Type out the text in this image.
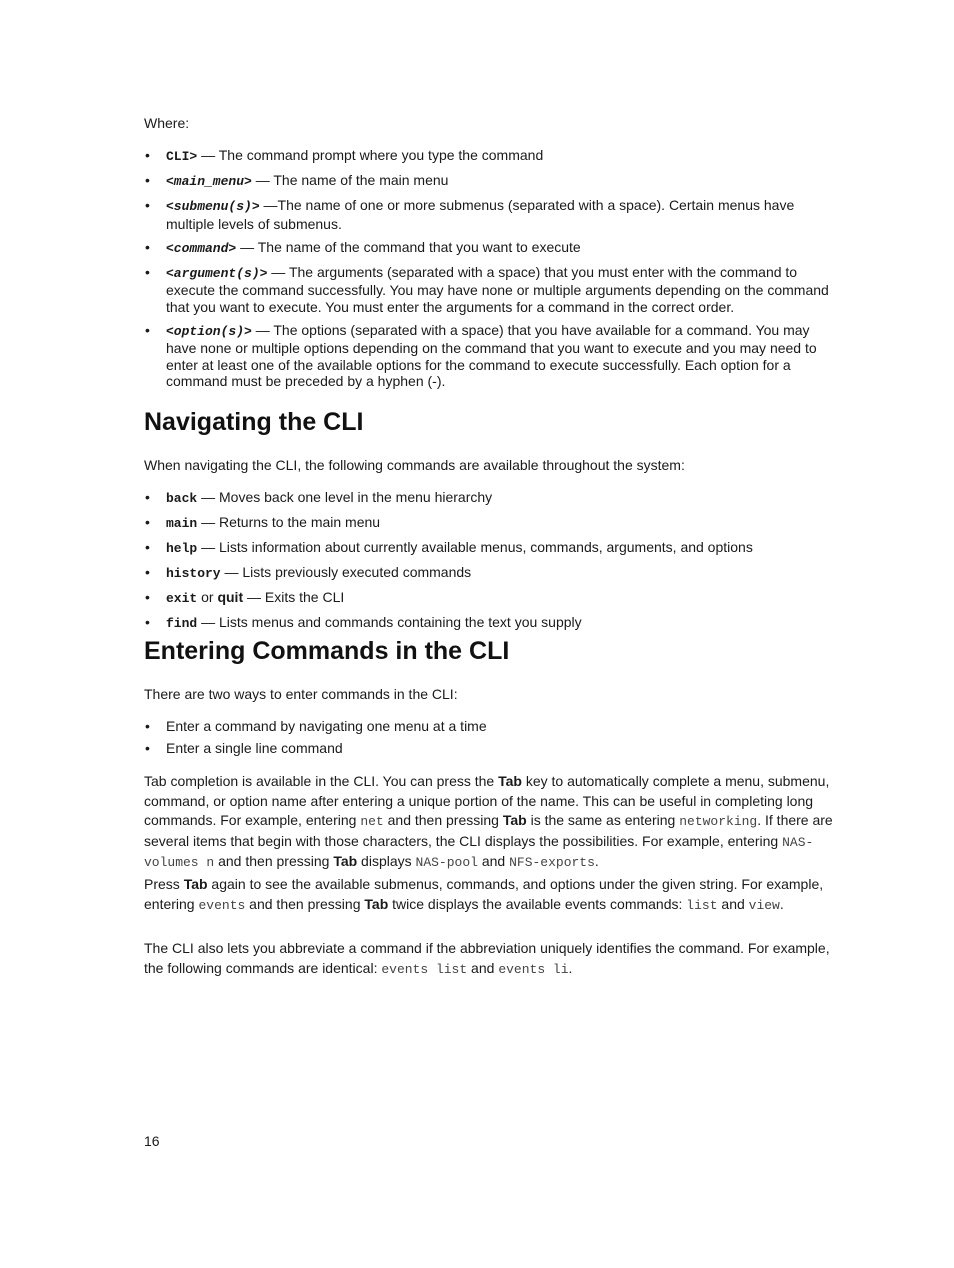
Where:

• CLI> — The command prompt where you type the command
• <main_menu> — The name of the main menu
• <submenu(s)> —The name of one or more submenus (separated with a space). Certain menus have multiple levels of submenus.
• <command> — The name of the command that you want to execute
• <argument(s)> — The arguments (separated with a space) that you must enter with the command to execute the command successfully. You may have none or multiple arguments depending on the command that you want to execute. You must enter the arguments for a command in the correct order.
• <option(s)> — The options (separated with a space) that you have available for a command. You may have none or multiple options depending on the command that you want to execute and you may need to enter at least one of the available options for the command to execute successfully. Each option for a command must be preceded by a hyphen (-).
Navigating the CLI

When navigating the CLI, the following commands are available throughout the system:

• back — Moves back one level in the menu hierarchy
• main — Returns to the main menu
• help — Lists information about currently available menus, commands, arguments, and options
• history — Lists previously executed commands
• exit or quit — Exits the CLI
• find — Lists menus and commands containing the text you supply
Entering Commands in the CLI

There are two ways to enter commands in the CLI:

• Enter a command by navigating one menu at a time
• Enter a single line command

Tab completion is available in the CLI. You can press the Tab key to automatically complete a menu, submenu, command, or option name after entering a unique portion of the name. This can be useful in completing long commands. For example, entering net and then pressing Tab is the same as entering networking. If there are several items that begin with those characters, the CLI displays the possibilities. For example, entering NAS-volumes n and then pressing Tab displays NAS-pool and NFS-exports.

Press Tab again to see the available submenus, commands, and options under the given string. For example, entering events and then pressing Tab twice displays the available events commands: list and view.

The CLI also lets you abbreviate a command if the abbreviation uniquely identifies the command. For example, the following commands are identical: events list and events li.

16
